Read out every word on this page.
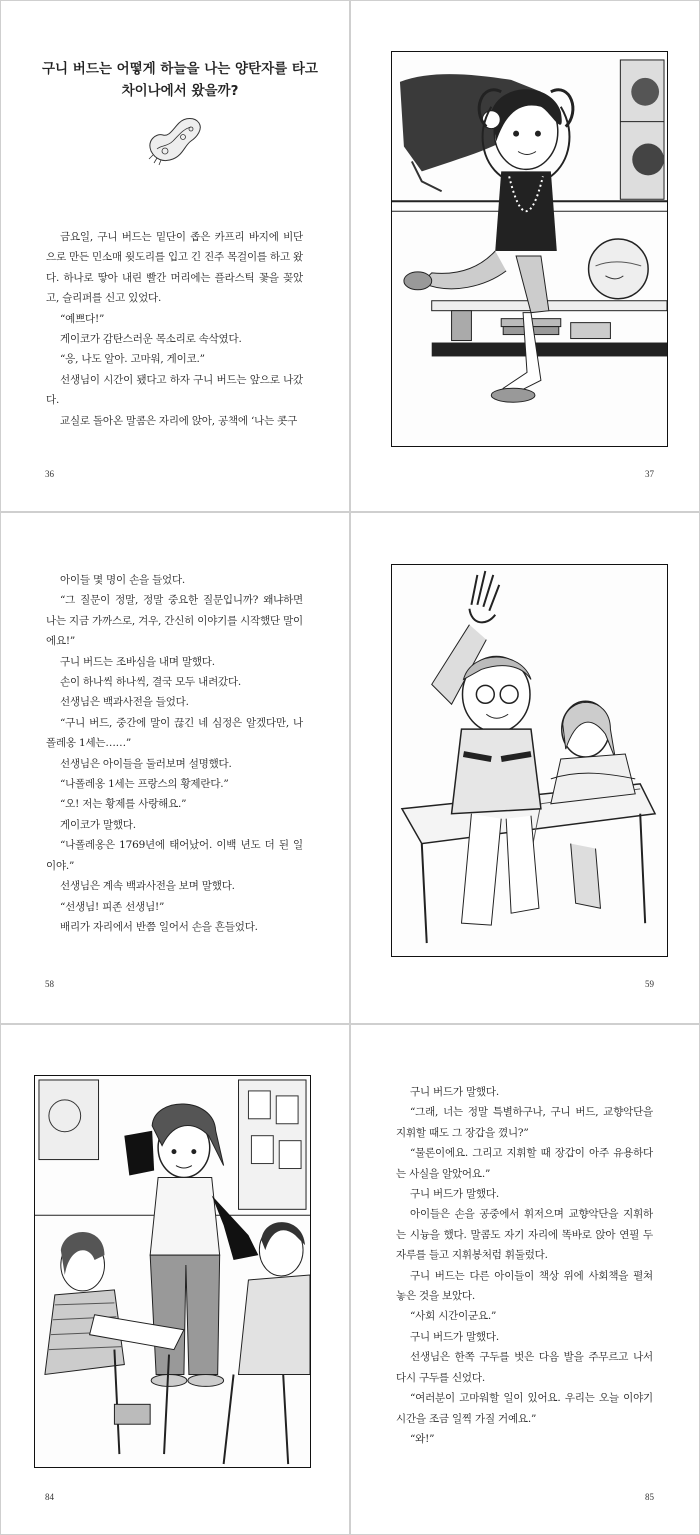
구니 버드는 어떻게 하늘을 나는 양탄자를 타고 차이나에서 왔을까?

금요일, 구니 버드는 밑단이 좁은 카프리 바지에 비단으로 만든 민소매 윗도리를 입고 긴 진주 목걸이를 하고 왔다. 하나로 땋아 내린 빨간 머리에는 플라스틱 꽃을 꽂았고, 슬리퍼를 신고 있었다.

“예쁘다!”

게이코가 감탄스러운 목소리로 속삭였다.

“응, 나도 알아. 고마워, 게이코.”

선생님이 시간이 됐다고 하자 구니 버드는 앞으로 나갔다.

교실로 돌아온 말콤은 자리에 앉아, 공책에 ‘나는 콧구

36	37

아이들 몇 명이 손을 들었다.

“그 질문이 정말, 정말 중요한 질문입니까? 왜냐하면 나는 지금 가까스로, 겨우, 간신히 이야기를 시작했단 말이에요!”

구니 버드는 조바심을 내며 말했다.

손이 하나씩 하나씩, 결국 모두 내려갔다.

선생님은 백과사전을 들었다.

“구니 버드, 중간에 말이 끊긴 네 심정은 알겠다만, 나폴레옹 1세는……”

선생님은 아이들을 둘러보며 설명했다.

“나폴레옹 1세는 프랑스의 황제란다.”

“오! 저는 황제를 사랑해요.”

게이코가 말했다.

“나폴레옹은 1769년에 태어났어. 이백 년도 더 된 일이야.”

선생님은 계속 백과사전을 보며 말했다.

“선생님! 피존 선생님!”

배리가 자리에서 반쯤 일어서 손을 흔들었다.

58	59
84

구니 버드가 말했다.

“그래, 너는 정말 특별하구나, 구니 버드, 교향악단을 지휘할 때도 그 장갑을 꼈니?”

“물론이에요. 그리고 지휘할 때 장갑이 아주 유용하다는 사실을 알았어요.”

구니 버드가 말했다.

아이들은 손을 공중에서 휘저으며 교향악단을 지휘하는 시늉을 했다. 말콤도 자기 자리에 똑바로 앉아 연필 두 자루를 들고 지휘봉처럼 휘둘렀다.

구니 버드는 다른 아이들이 책상 위에 사회책을 펼쳐 놓은 것을 보았다.

“사회 시간이군요.”

구니 버드가 말했다.

선생님은 한쪽 구두를 벗은 다음 발을 주무르고 나서 다시 구두를 신었다.

“여러분이 고마워할 일이 있어요. 우리는 오늘 이야기 시간을 조금 일찍 가질 거예요.”

“와!”

85
